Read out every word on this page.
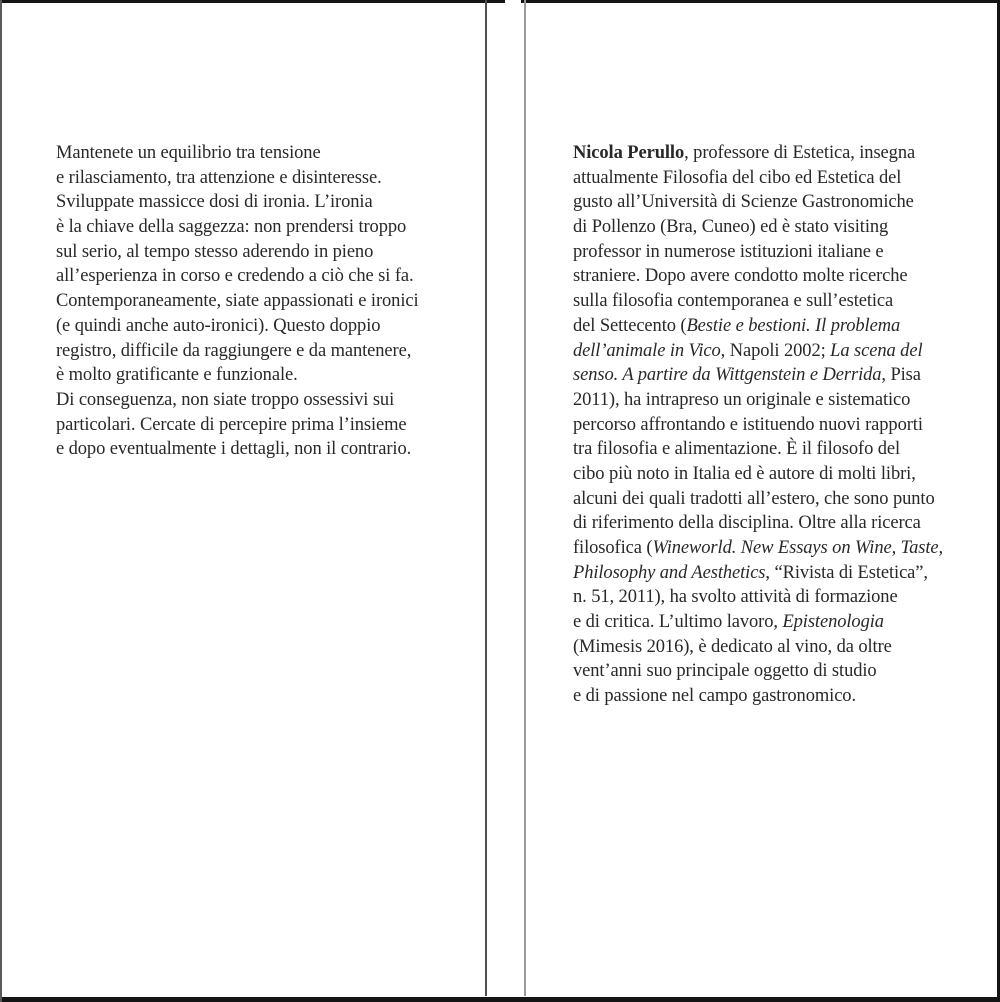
Mantenete un equilibrio tra tensione
e rilasciamento, tra attenzione e disinteresse.
Sviluppate massicce dosi di ironia. L’ironia
è la chiave della saggezza: non prendersi troppo
sul serio, al tempo stesso aderendo in pieno
all’esperienza in corso e credendo a ciò che si fa.
Contemporaneamente, siate appassionati e ironici
(e quindi anche auto-ironici). Questo doppio
registro, difficile da raggiungere e da mantenere,
è molto gratificante e funzionale.
Di conseguenza, non siate troppo ossessivi sui
particolari. Cercate di percepire prima l’insieme
e dopo eventualmente i dettagli, non il contrario.
Nicola Perullo, professore di Estetica, insegna
attualmente Filosofia del cibo ed Estetica del
gusto all’Università di Scienze Gastronomiche
di Pollenzo (Bra, Cuneo) ed è stato visiting
professor in numerose istituzioni italiane e
straniere. Dopo avere condotto molte ricerche
sulla filosofia contemporanea e sull’estetica
del Settecento (Bestie e bestioni. Il problema
dell’animale in Vico, Napoli 2002; La scena del
senso. A partire da Wittgenstein e Derrida, Pisa
2011), ha intrapreso un originale e sistematico
percorso affrontando e istituendo nuovi rapporti
tra filosofia e alimentazione. È il filosofo del
cibo più noto in Italia ed è autore di molti libri,
alcuni dei quali tradotti all’estero, che sono punto
di riferimento della disciplina. Oltre alla ricerca
filosofica (Wineworld. New Essays on Wine, Taste,
Philosophy and Aesthetics, “Rivista di Estetica”,
n. 51, 2011), ha svolto attività di formazione
e di critica. L’ultimo lavoro, Epistenologia
(Mimesis 2016), è dedicato al vino, da oltre
vent’anni suo principale oggetto di studio
e di passione nel campo gastronomico.
